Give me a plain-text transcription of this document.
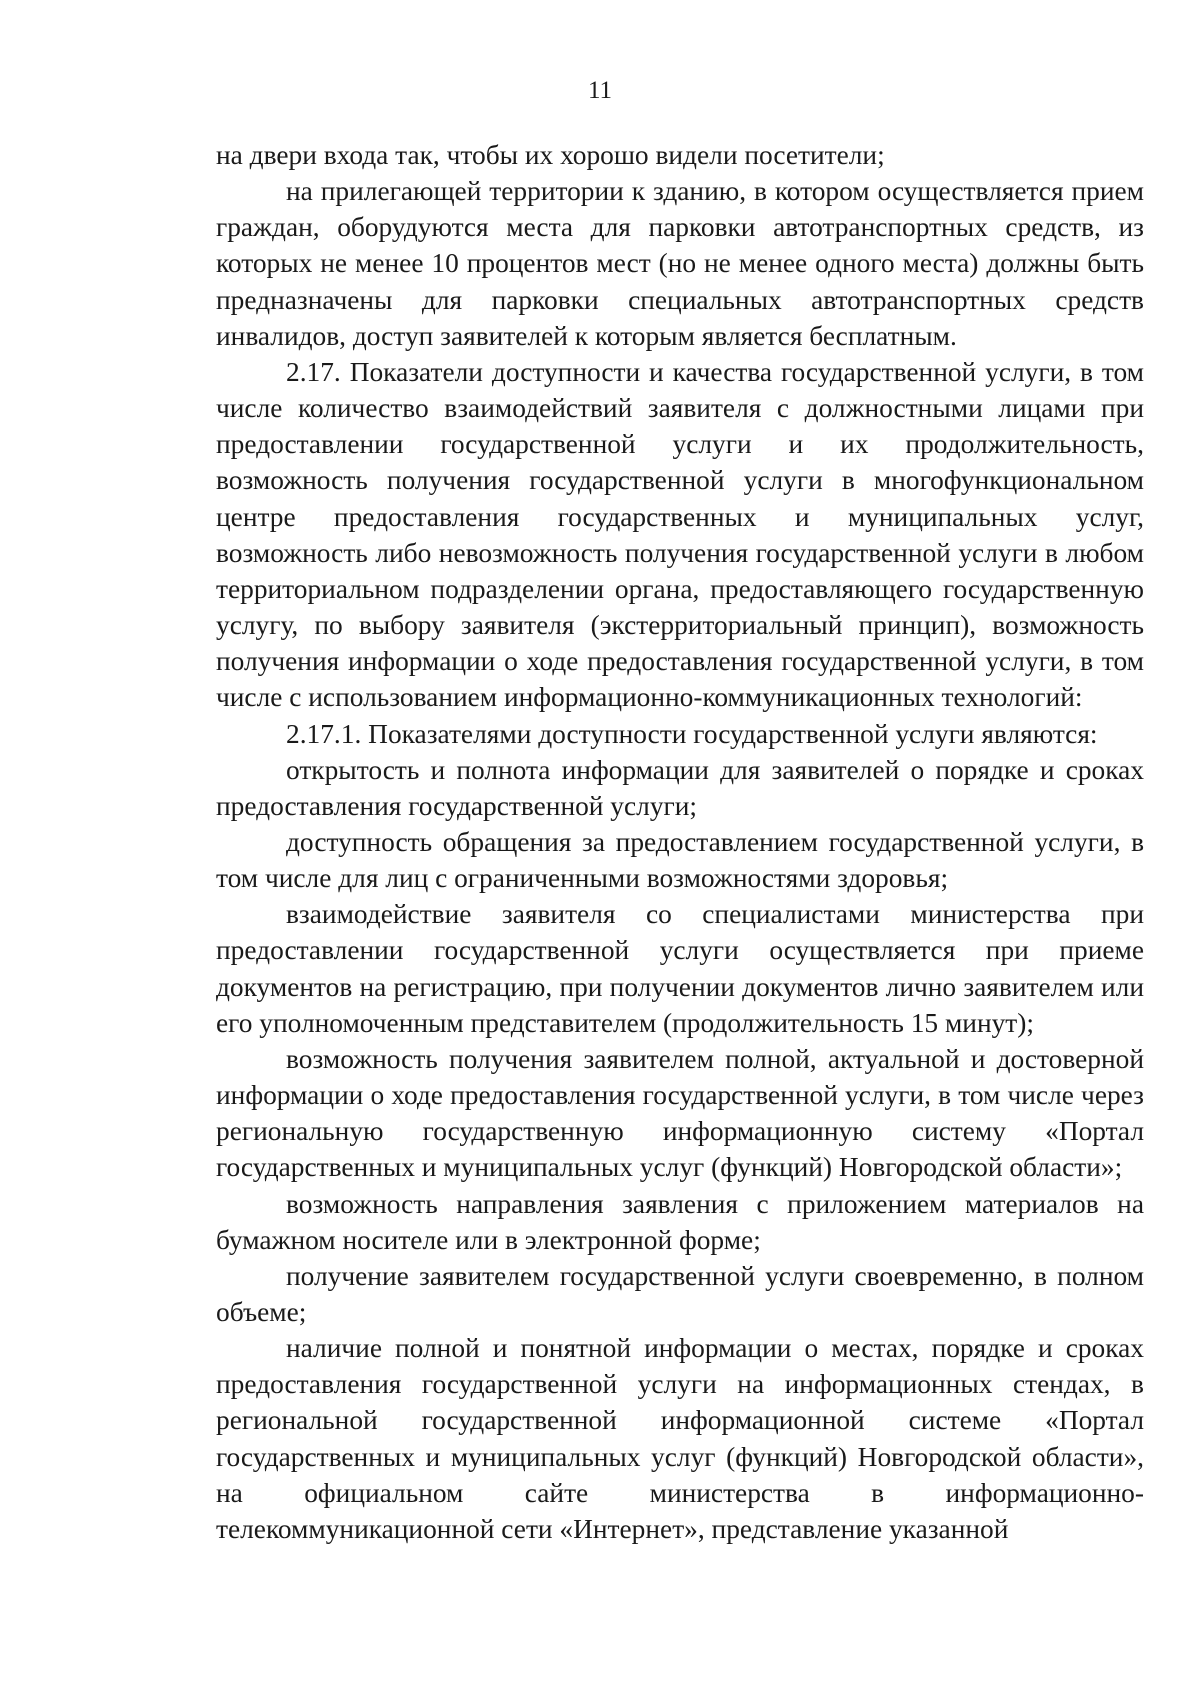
11

на двери входа так, чтобы их хорошо видели посетители;

на прилегающей территории к зданию, в котором осуществляется прием граждан, оборудуются места для парковки автотранспортных средств, из которых не менее 10 процентов мест (но не менее одного места) должны быть предназначены для парковки специальных автотранспортных средств инвалидов, доступ заявителей к которым является бесплатным.

2.17. Показатели доступности и качества государственной услуги, в том числе количество взаимодействий заявителя с должностными лицами при предоставлении государственной услуги и их продолжительность, возможность получения государственной услуги в многофункциональном центре предоставления государственных и муниципальных услуг, возможность либо невозможность получения государственной услуги в любом территориальном подразделении органа, предоставляющего государственную услугу, по выбору заявителя (экстерриториальный принцип), возможность получения информации о ходе предоставления государственной услуги, в том числе с использованием информационно-коммуникационных технологий:

2.17.1. Показателями доступности государственной услуги являются:

открытость и полнота информации для заявителей о порядке и сроках предоставления государственной услуги;

доступность обращения за предоставлением государственной услуги, в том числе для лиц с ограниченными возможностями здоровья;

взаимодействие заявителя со специалистами министерства при предоставлении государственной услуги осуществляется при приеме документов на регистрацию, при получении документов лично заявителем или его уполномоченным представителем (продолжительность 15 минут);

возможность получения заявителем полной, актуальной и достоверной информации о ходе предоставления государственной услуги, в том числе через региональную государственную информационную систему «Портал государственных и муниципальных услуг (функций) Новгородской области»;

возможность направления заявления с приложением материалов на бумажном носителе или в электронной форме;

получение заявителем государственной услуги своевременно, в полном объеме;

наличие полной и понятной информации о местах, порядке и сроках предоставления государственной услуги на информационных стендах, в региональной государственной информационной системе «Портал государственных и муниципальных услуг (функций) Новгородской области», на официальном сайте министерства в информационно-телекоммуникационной сети «Интернет», представление указанной
